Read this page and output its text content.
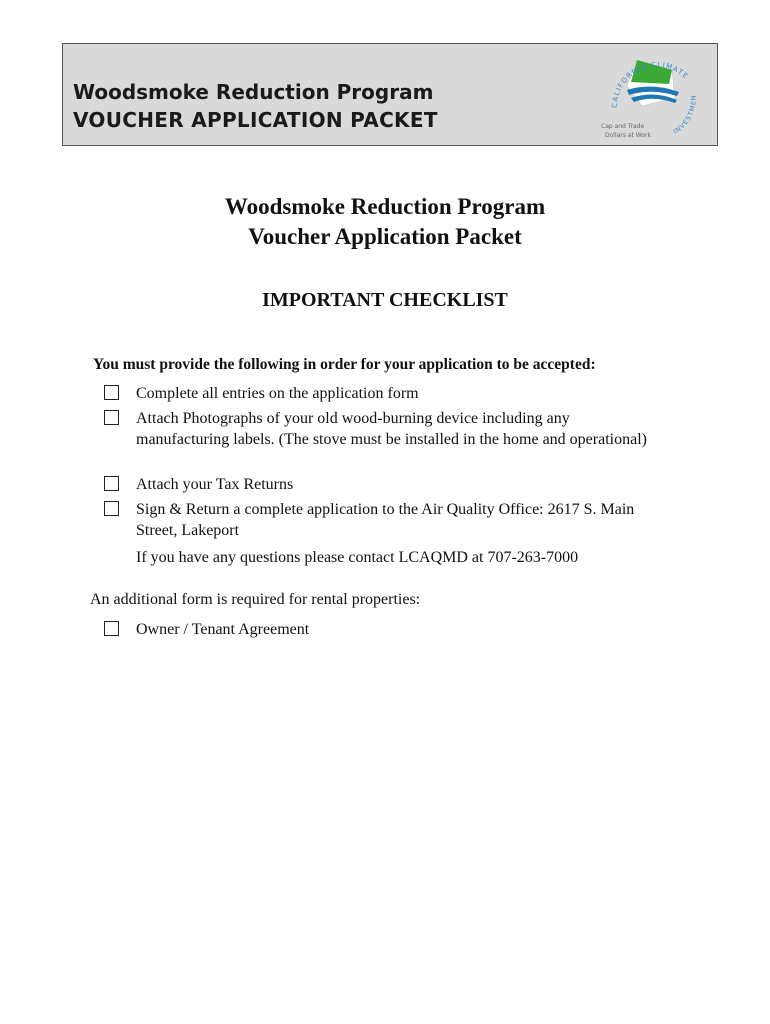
Woodsmoke Reduction Program
VOUCHER APPLICATION PACKET
CALIFORNIA CLIMATE
INVESTMEN
Cap and Trade
Dollars at Work
Woodsmoke Reduction Program
Voucher Application Packet
IMPORTANT CHECKLIST
You must provide the following in order for your application to be accepted:
Complete all entries on the application form
Attach Photographs of your old wood-burning device including any manufacturing labels. (The stove must be installed in the home and operational)
Attach your Tax Returns
Sign & Return a complete application to the Air Quality Office: 2617 S. Main Street, Lakeport
If you have any questions please contact LCAQMD at 707-263-7000
An additional form is required for rental properties:
Owner / Tenant Agreement
